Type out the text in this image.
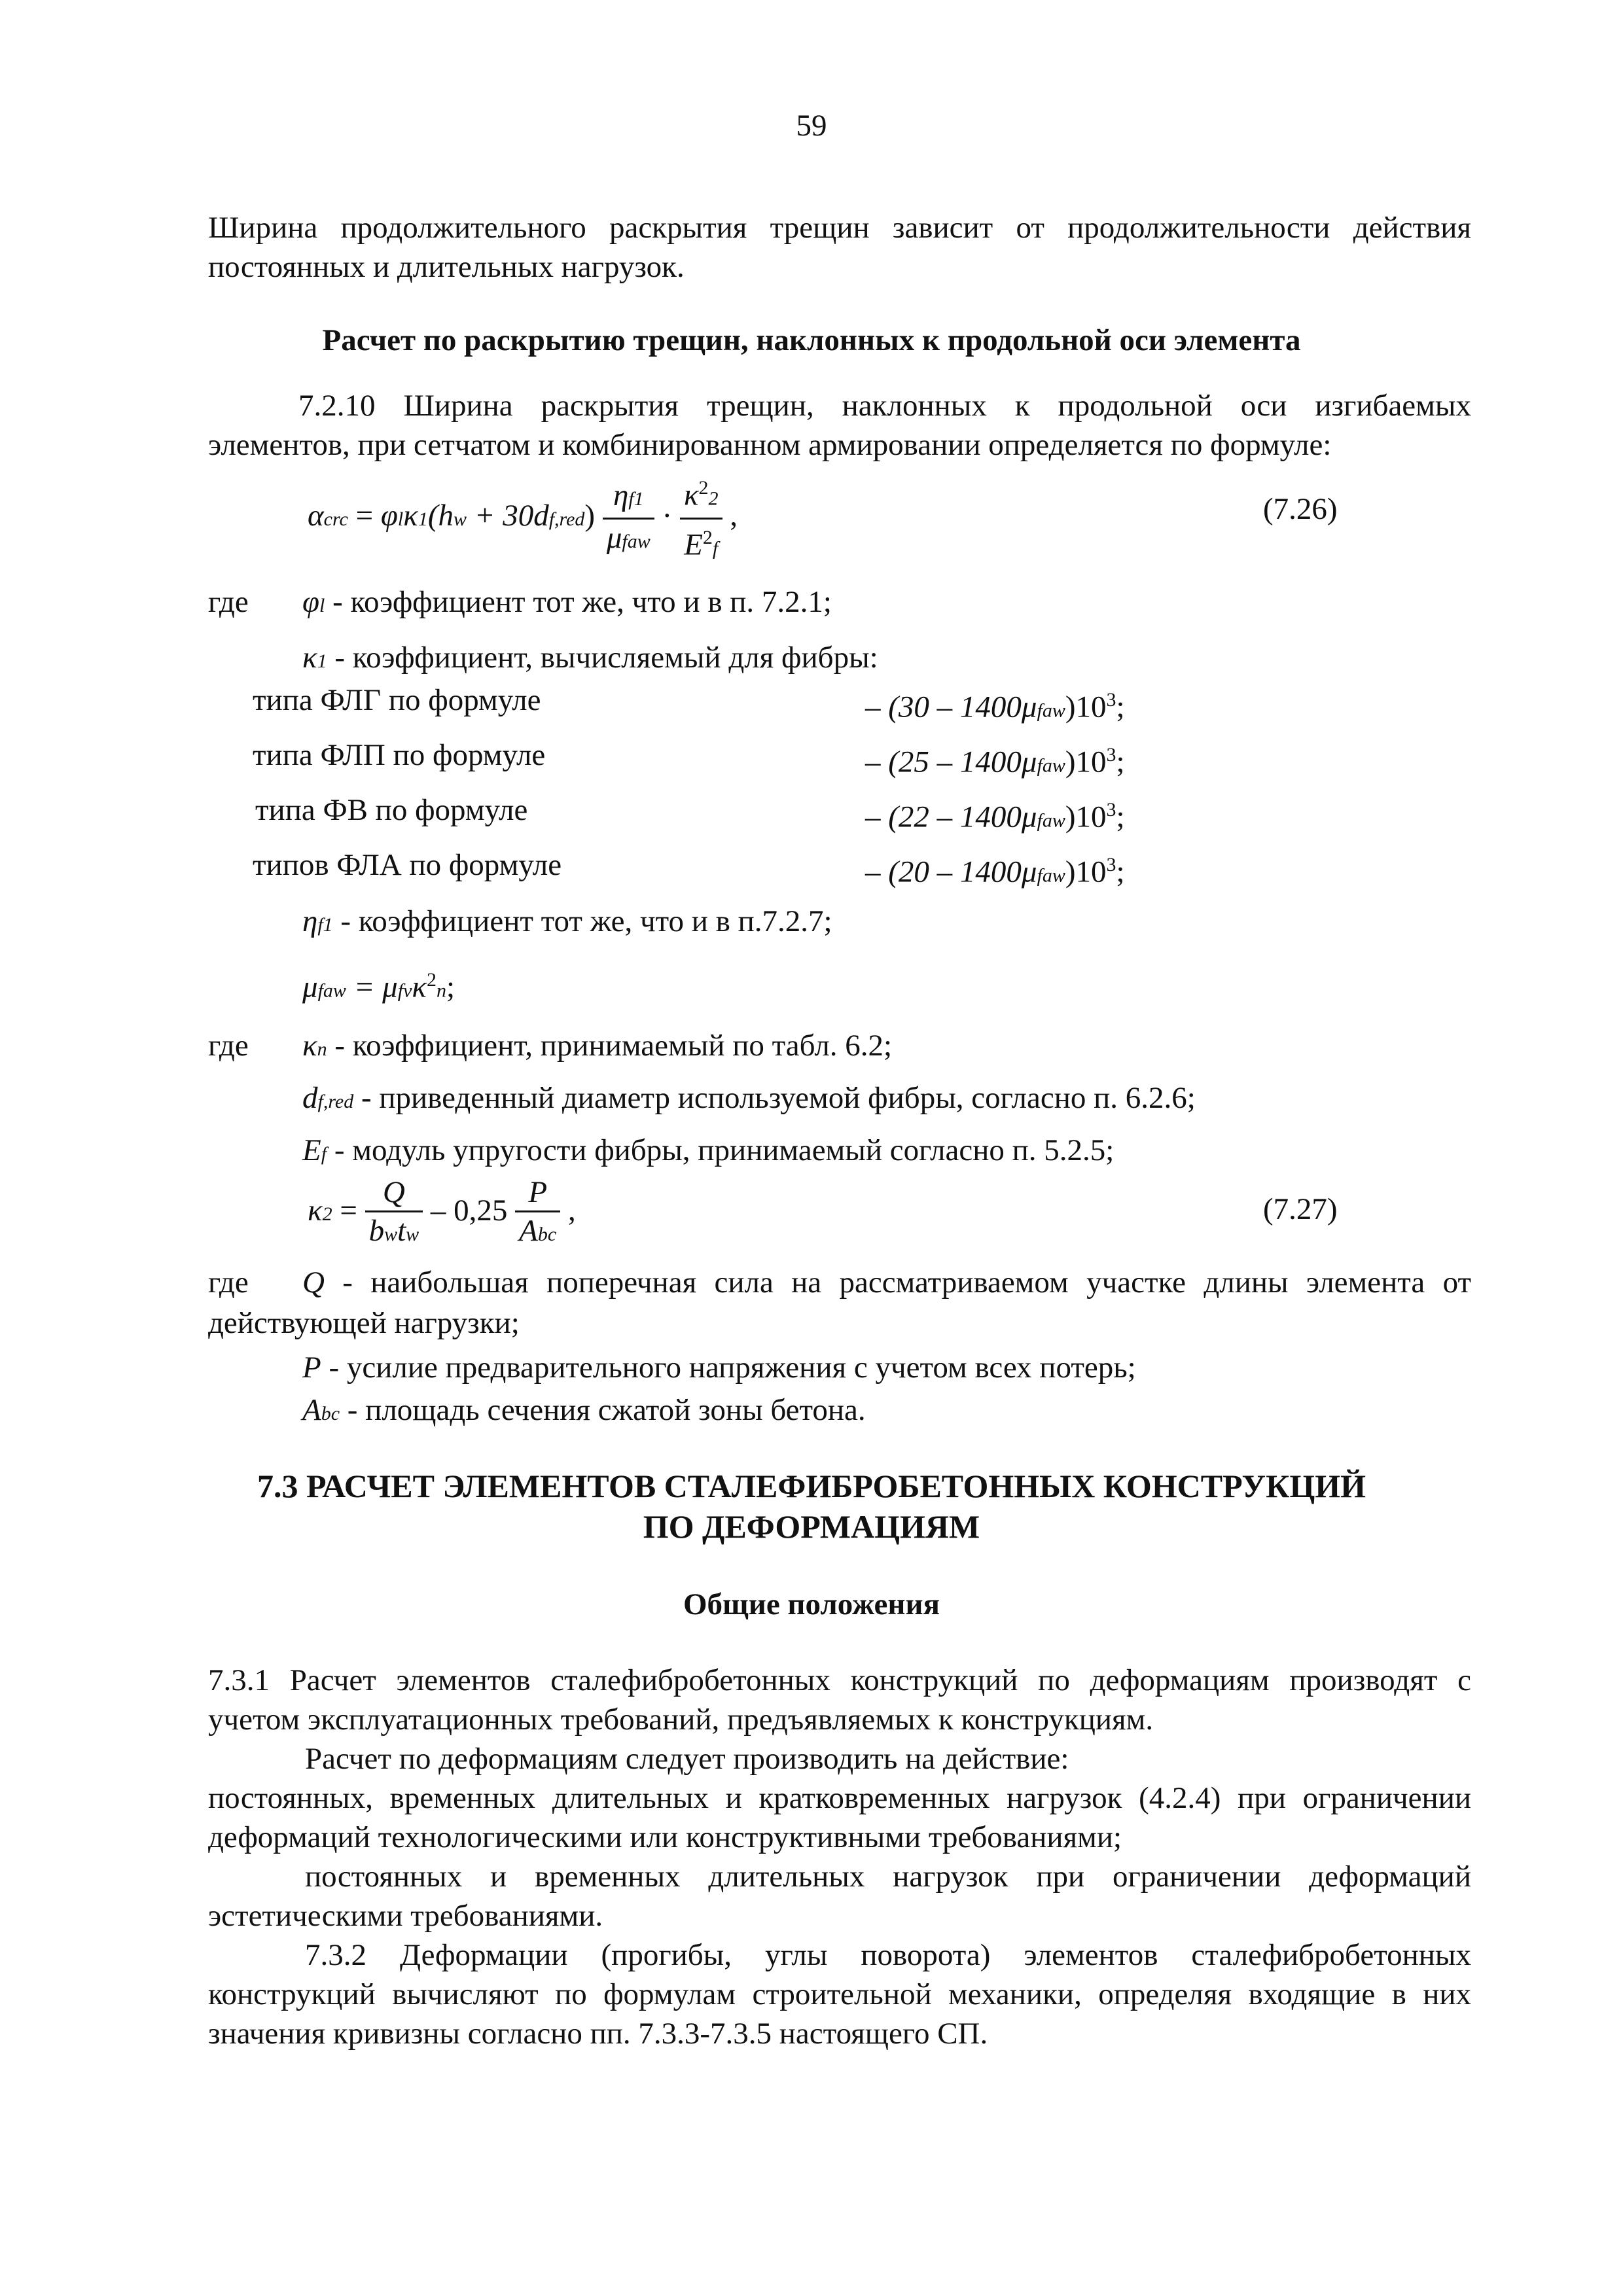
59
Ширина продолжительного раскрытия трещин зависит от продолжительности действия
постоянных и длительных нагрузок.
Расчет по раскрытию трещин, наклонных к продольной оси элемента
7.2.10 Ширина раскрытия трещин, наклонных к продольной оси изгибаемых
элементов, при сетчатом и комбинированном армировании определяется по формуле:
$\alpha crc = \varphi l\kappa 1(hw + 30df,red) \frac{\eta f1}{\text{μfaw}} \cdot \frac{\kappa^22}{E^2f}$ ,	(7.26)
где φl - коэффициент тот же, что и в п. 7.2.1;
κ1 - коэффициент, вычисляемый для фибры:
типа ФЛГ по формуле	– $(30 - 1400\mu faw)10^3$;
типа ФЛП по формуле	– $(25 - 1400\mu faw)10^3$;
типа ФВ по формуле	– $(22 - 1400\mu faw)10^3$;
типов ФЛА по формуле	– $(20 - 1400\mu faw)10^3$;
ηf1 - коэффициент тот же, что и в п.7.2.7;
μfaw = μfvκ$^2$n;
где κn - коэффициент, принимаемый по табл. 6.2;
df,red - приведенный диаметр используемой фибры, согласно п. 6.2.6;
Ef - модуль упругости фибры, принимаемый согласно п. 5.2.5;
$\kappa 2 = \frac{Q}{\text{bwtw}} - 0,25 \frac{P}{\text{Abc}}$ ,	(7.27)
где Q - наибольшая поперечная сила на рассматриваемом участке длины элемента от
действующей нагрузки;
P - усилие предварительного напряжения с учетом всех потерь;
Abc - площадь сечения сжатой зоны бетона.
7.3 РАСЧЕТ ЭЛЕМЕНТОВ СТАЛЕФИБРОБЕТОННЫХ КОНСТРУКЦИЙ
ПО ДЕФОРМАЦИЯМ
Общие положения
7.3.1 Расчет элементов сталефибробетонных конструкций по деформациям производят с
учетом эксплуатационных требований, предъявляемых к конструкциям.
Расчет по деформациям следует производить на действие:
постоянных, временных длительных и кратковременных нагрузок (4.2.4) при ограничении
деформаций технологическими или конструктивными требованиями;
постоянных и временных длительных нагрузок при ограничении деформаций
эстетическими требованиями.
7.3.2 Деформации (прогибы, углы поворота) элементов сталефибробетонных
конструкций вычисляют по формулам строительной механики, определяя входящие в них
значения кривизны согласно пп. 7.3.3-7.3.5 настоящего СП.
